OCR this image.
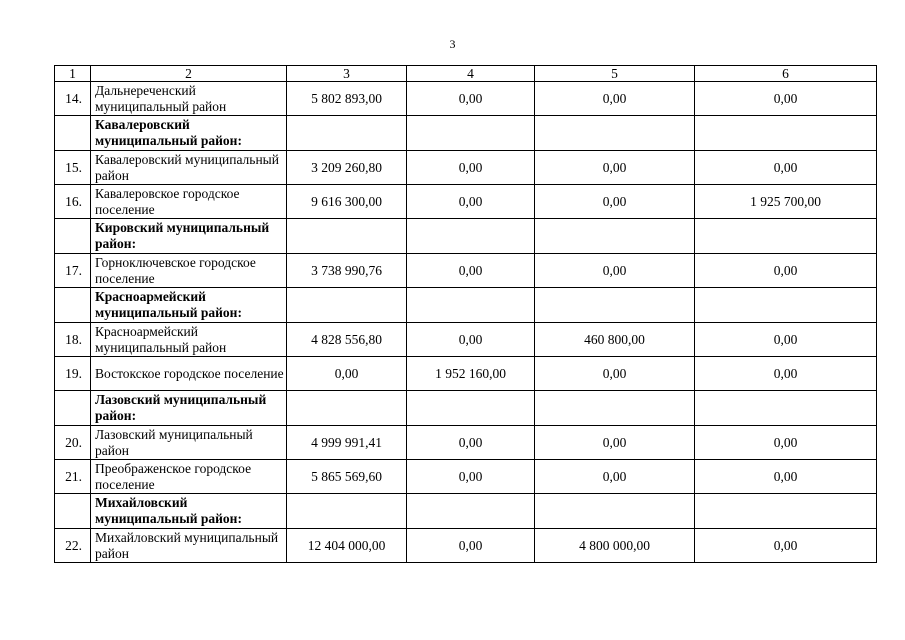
3
1	2	3	4	5	6
14.	Дальнереченский муниципальный район	5 802 893,00	0,00	0,00	0,00
	Кавалеровский муниципальный район:				
15.	Кавалеровский муниципальный район	3 209 260,80	0,00	0,00	0,00
16.	Кавалеровское городское поселение	9 616 300,00	0,00	0,00	1 925 700,00
	Кировский муниципальный район:				
17.	Горноключевское городское поселение	3 738 990,76	0,00	0,00	0,00
	Красноармейский муниципальный район:				
18.	Красноармейский муниципальный район	4 828 556,80	0,00	460 800,00	0,00
19.	Востокское городское поселение	0,00	1 952 160,00	0,00	0,00
	Лазовский муниципальный район:				
20.	Лазовский муниципальный район	4 999 991,41	0,00	0,00	0,00
21.	Преображенское городское поселение	5 865 569,60	0,00	0,00	0,00
	Михайловский муниципальный район:				
22.	Михайловский муниципальный район	12 404 000,00	0,00	4 800 000,00	0,00
